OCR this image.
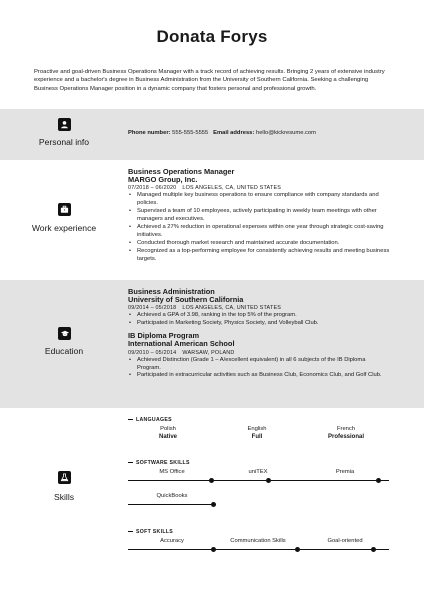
Donata Forys
Proactive and goal-driven Business Operations Manager with a track record of achieving results. Bringing 2 years of extensive industry experience and a bachelor's degree in Business Administration from the University of Southern California. Seeking a challenging Business Operations Manager position in a dynamic company that fosters personal and professional growth.
Personal info
Phone number: 555-555-5555 Email address: hello@kickresume.com
Work experience
Business Operations Manager
MARGO Group, Inc.
07/2018 – 06/2020 LOS ANGELES, CA, UNITED STATES
• Managed multiple key business operations to ensure compliance with company standards and policies.
• Supervised a team of 10 employees, actively participating in weekly team meetings with other managers and executives.
• Achieved a 27% reduction in operational expenses within one year through strategic cost-saving initiatives.
• Conducted thorough market research and maintained accurate documentation.
• Recognized as a top-performing employee for consistently achieving results and meeting business targets.
Education
Business Administration
University of Southern California
09/2014 – 05/2018 LOS ANGELES, CA, UNITED STATES
• Achieved a GPA of 3.98, ranking in the top 5% of the program.
• Participated in Marketing Society, Physics Society, and Volleyball Club.
IB Diploma Program
International American School
09/2010 – 05/2014 WARSAW, POLAND
• Achieved Distinction (Grade 1 – A/excellent equivalent) in all 6 subjects of the IB Diploma Program.
• Participated in extracurricular activities such as Business Club, Economics Club, and Golf Club.
Skills
LANGUAGES
Polish
Native
English
Full
French
Professional
SOFTWARE SKILLS
MS Office	uniTEX	Premia
QuickBooks
SOFT SKILLS
Accuracy	Communication Skills	Goal-oriented
